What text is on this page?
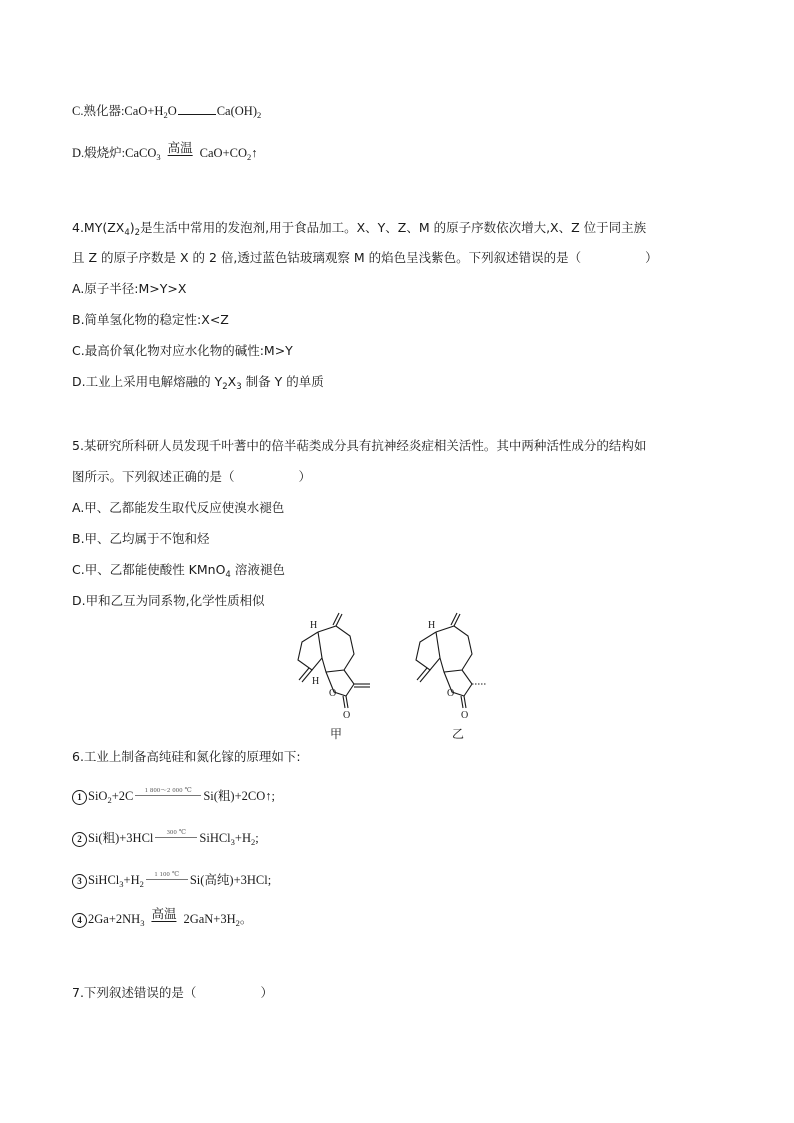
C.熟化器$:CaO+H_2O$	$Ca(OH)_2$
D.煅烧炉:CaCO$_3$高温 $CaO+CO_2↑$
$4.MY(ZX_4)_2$是生活中常用的发泡剂,用于食品加工。X、Y、Z、M 的原子序数依次增大,X、Z 位于同主族
且 Z 的原子序数是 X 的 2 倍,透过蓝色钴玻璃观察 M 的焰色呈浅紫色。下列叙述错误的是（	）
A.原子半径:M>Y>X
B.简单氢化物的稳定性:X<Z
C.最高价氧化物对应水化物的碱性:M>Y
D.工业上采用电解熔融的 $Y_2X_3$ 制备 Y 的单质
5.某研究所科研人员发现千叶蓍中的倍半萜类成分具有抗神经炎症相关活性。其中两种活性成分的结构如
图所示。下列叙述正确的是（	）
A.甲、乙都能发生取代反应使溴水褪色
B.甲、乙均属于不饱和烃
C.甲、乙都能使酸性 KMnO$_4$ 溶液褪色
D.甲和乙互为同系物,化学性质相似
H
H
O
O
H
O
O
甲	乙
6.工业上制备高纯硅和氮化镓的原理如下:
1 SiO$_2$+2C	1 800～2 000 ℃ Si(粗)+2CO↑;
2 Si(粗)+3HCl	300 ℃	$SiHCl_3+H_2$;
3 $SiHCl_3+H_2$
1 100 ℃ Si(高纯)+3HCl;
4 $2Ga+2NH_3$高温 $2GaN+3H_2$。
7.下列叙述错误的是（	）
